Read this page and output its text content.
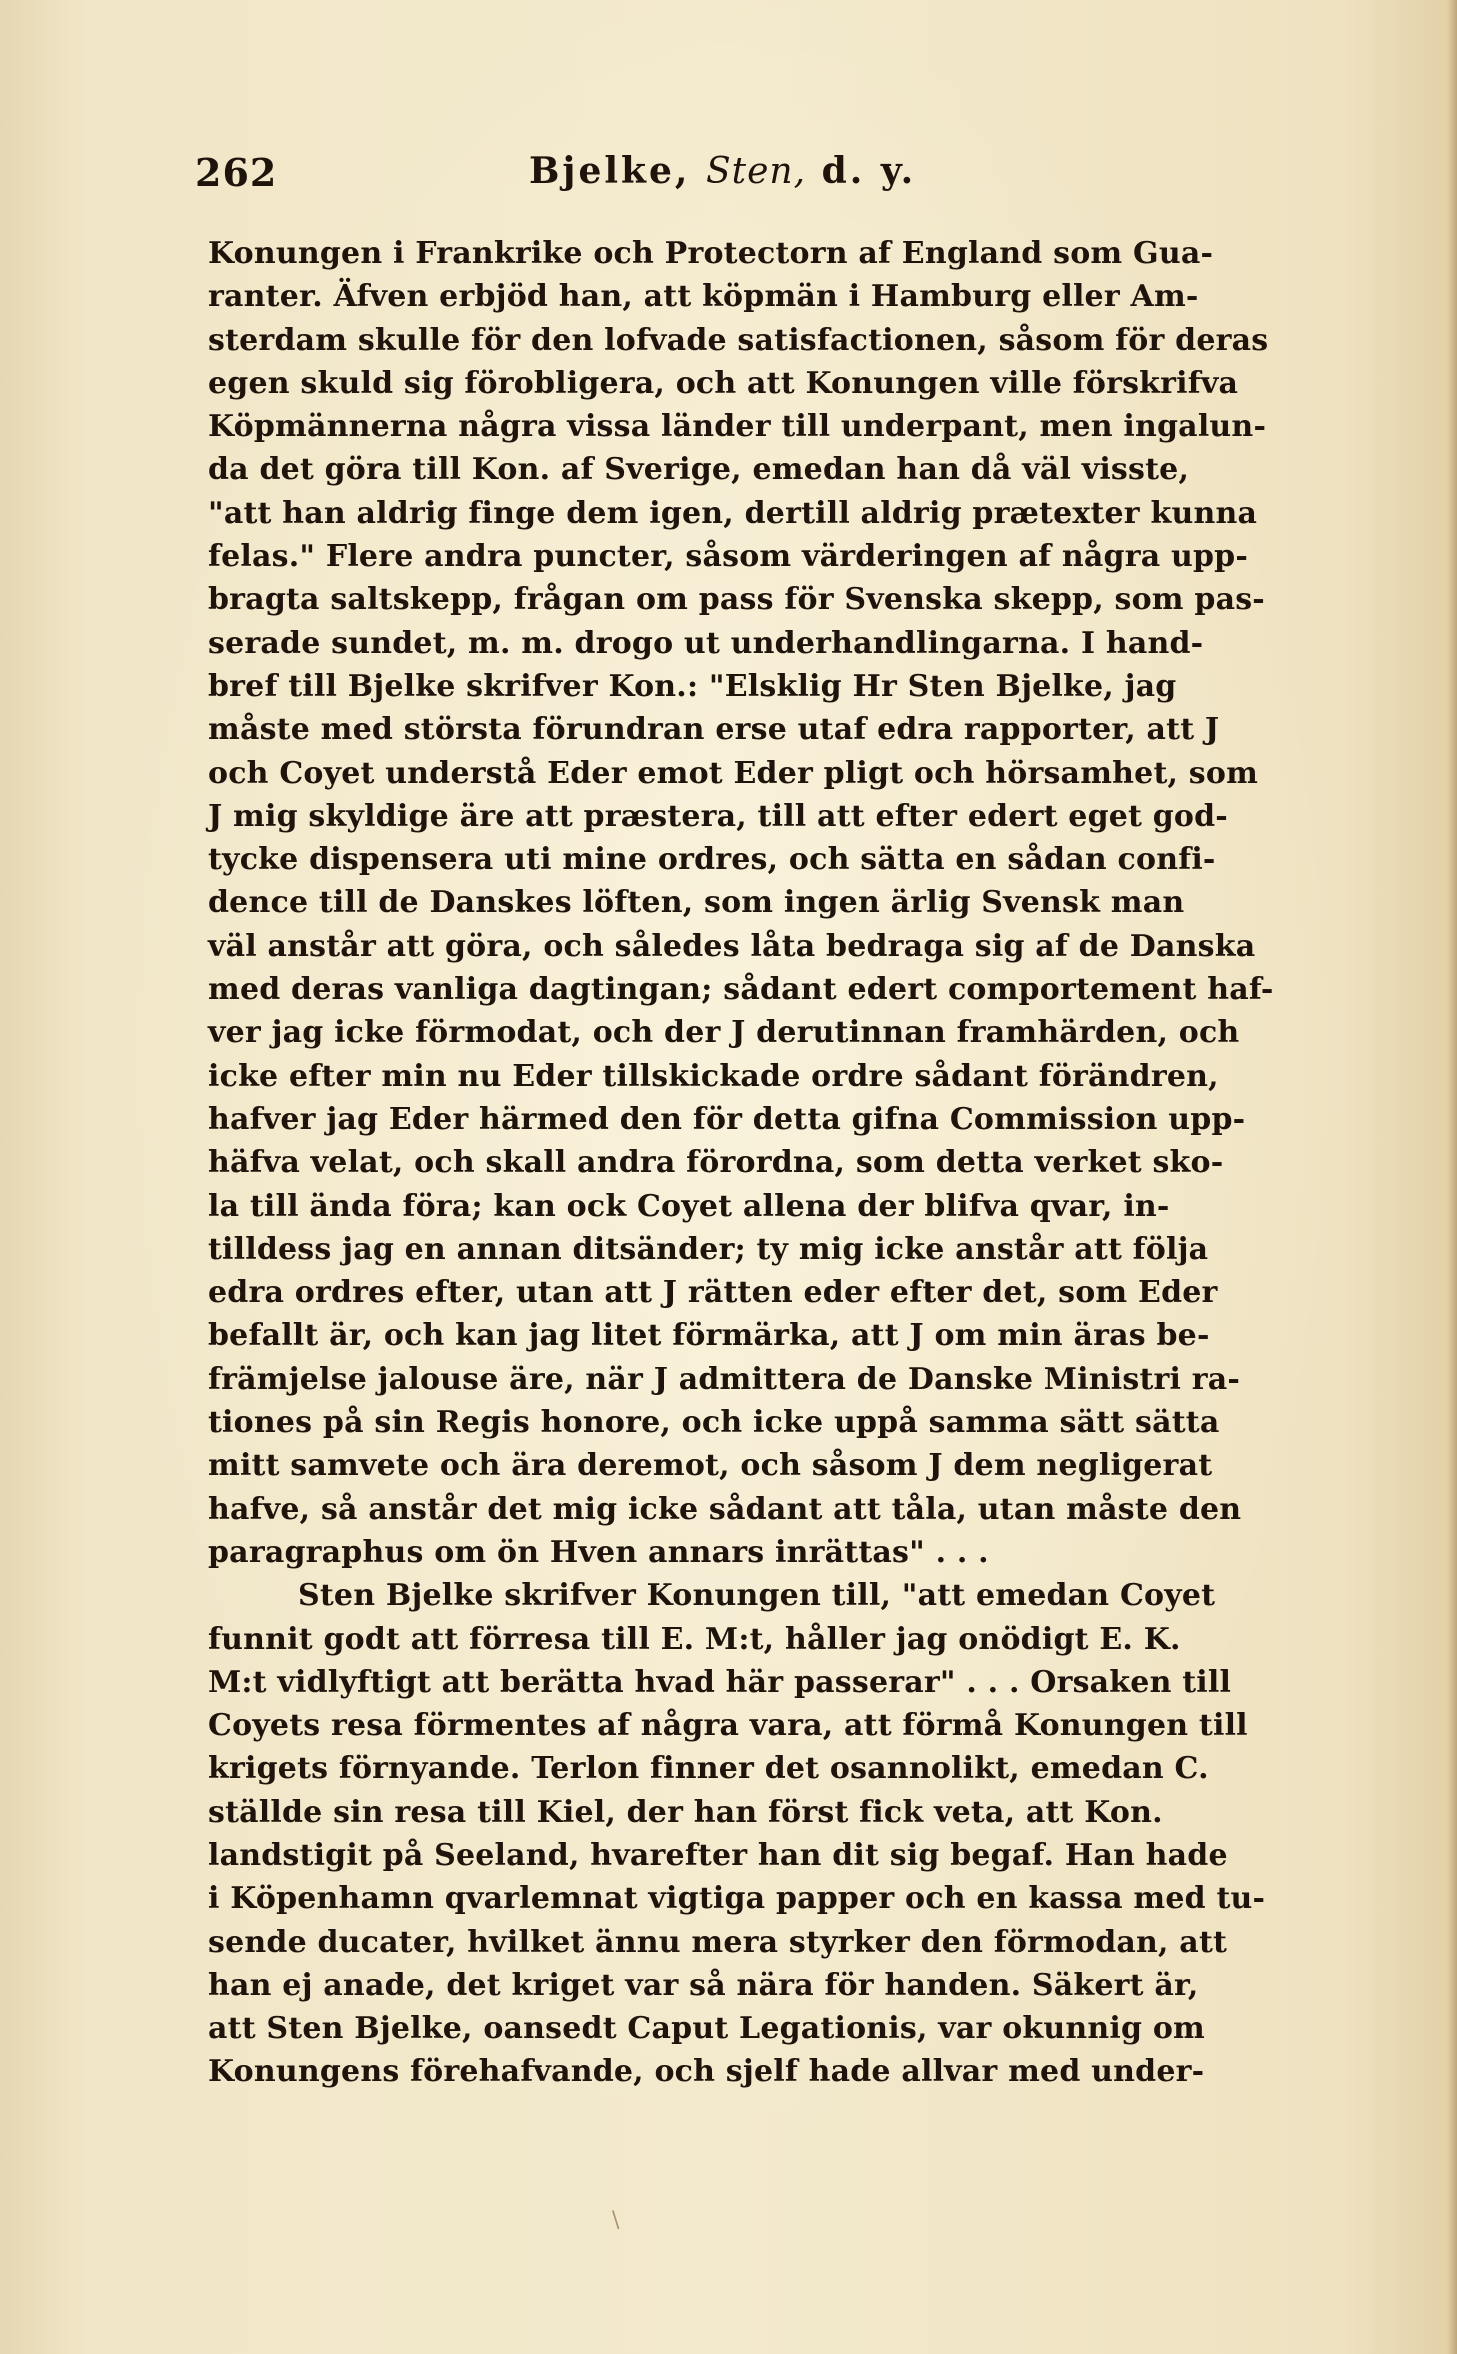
262	Bjelke, Sten, d. y.
Konungen i Frankrike och Protectorn af England som Gua-
ranter. Äfven erbjöd han, att köpmän i Hamburg eller Am-
sterdam skulle för den lofvade satisfactionen, såsom för deras
egen skuld sig förobligera, och att Konungen ville förskrifva
Köpmännerna några vissa länder till underpant, men ingalun-
da det göra till Kon. af Sverige, emedan han då väl visste,
"att han aldrig finge dem igen, dertill aldrig prætexter kunna
felas." Flere andra puncter, såsom värderingen af några upp-
bragta saltskepp, frågan om pass för Svenska skepp, som pas-
serade sundet, m. m. drogo ut underhandlingarna. I hand-
bref till Bjelke skrifver Kon.: "Elsklig Hr Sten Bjelke, jag
måste med största förundran erse utaf edra rapporter, att J
och Coyet understå Eder emot Eder pligt och hörsamhet, som
J mig skyldige äre att præstera, till att efter edert eget god-
tycke dispensera uti mine ordres, och sätta en sådan confi-
dence till de Danskes löften, som ingen ärlig Svensk man
väl anstår att göra, och således låta bedraga sig af de Danska
med deras vanliga dagtingan; sådant edert comportement haf-
ver jag icke förmodat, och der J derutinnan framhärden, och
icke efter min nu Eder tillskickade ordre sådant förändren,
hafver jag Eder härmed den för detta gifna Commission upp-
häfva velat, och skall andra förordna, som detta verket sko-
la till ända föra; kan ock Coyet allena der blifva qvar, in-
tilldess jag en annan ditsänder; ty mig icke anstår att följa
edra ordres efter, utan att J rätten eder efter det, som Eder
befallt är, och kan jag litet förmärka, att J om min äras be-
främjelse jalouse äre, när J admittera de Danske Ministri ra-
tiones på sin Regis honore, och icke uppå samma sätt sätta
mitt samvete och ära deremot, och såsom J dem negligerat
hafve, så anstår det mig icke sådant att tåla, utan måste den
paragraphus om ön Hven annars inrättas" . . .
Sten Bjelke skrifver Konungen till, "att emedan Coyet
funnit godt att förresa till E. M:t, håller jag onödigt E. K.
M:t vidlyftigt att berätta hvad här passerar" . . . Orsaken till
Coyets resa förmentes af några vara, att förmå Konungen till
krigets förnyande. Terlon finner det osannolikt, emedan C.
ställde sin resa till Kiel, der han först fick veta, att Kon.
landstigit på Seeland, hvarefter han dit sig begaf. Han hade
i Köpenhamn qvarlemnat vigtiga papper och en kassa med tu-
sende ducater, hvilket ännu mera styrker den förmodan, att
han ej anade, det kriget var så nära för handen. Säkert är,
att Sten Bjelke, oansedt Caput Legationis, var okunnig om
Konungens förehafvande, och sjelf hade allvar med under-
\
